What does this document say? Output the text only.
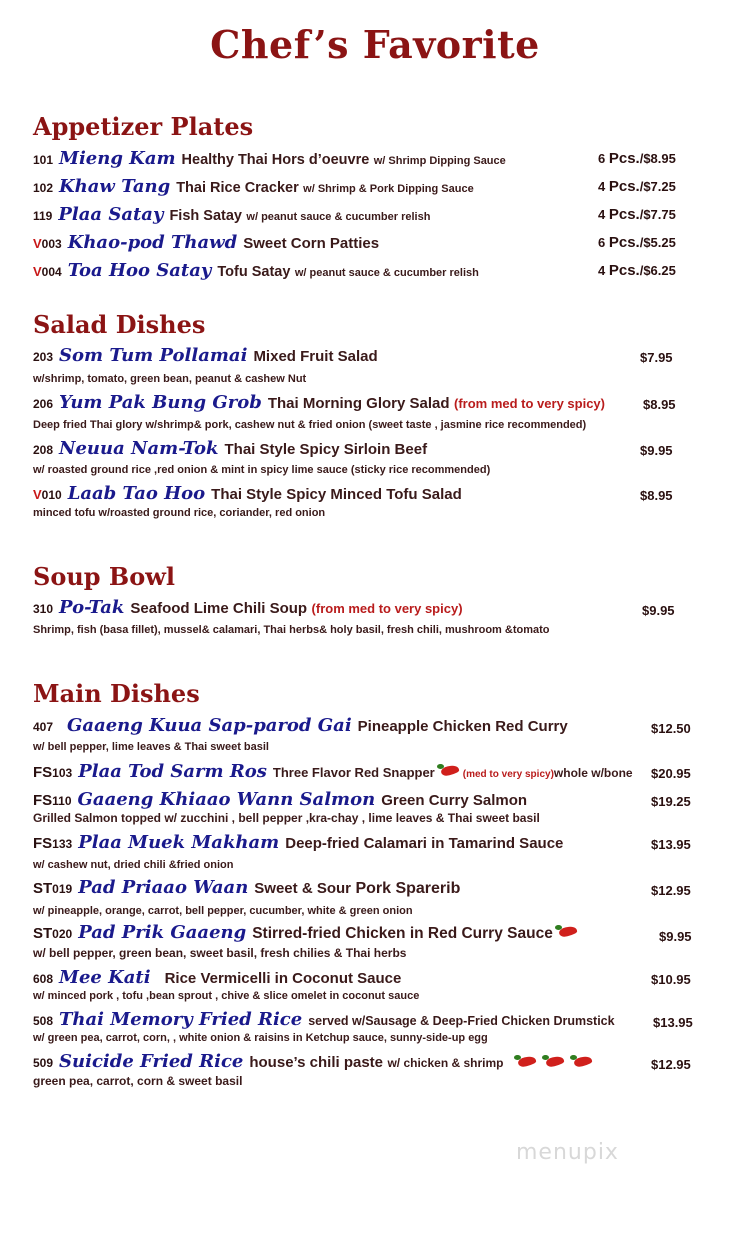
Chef’s Favorite
Appetizer Plates
101 Mieng Kam Healthy Thai Hors d’oeuvre
w/ Shrimp Dipping Sauce	6 Pcs./$8.95
102 Khaw Tang Thai Rice Cracker
w/ Shrimp & Pork Dipping Sauce	4 Pcs./$7.25
119 Plaa Satay Fish Satay
w/ peanut sauce & cucumber relish	4 Pcs./$7.75
V003 Khao-pod Thawd Sweet Corn Patties	6 Pcs./$5.25
V004 Toa Hoo Satay Tofu Satay
w/ peanut sauce & cucumber relish	4 Pcs./$6.25
Salad Dishes
203 Som Tum Pollamai Mixed Fruit Salad	$7.95
w/shrimp, tomato, green bean, peanut & cashew Nut
206 Yum Pak Bung Grob Thai Morning Glory Salad
(from med to very spicy)	$8.95
Deep fried Thai glory w/shrimp& pork, cashew nut & fried onion (sweet taste , jasmine rice recommended)
208 Neuua Nam-Tok Thai Style Spicy Sirloin Beef	$9.95
w/ roasted ground rice ,red onion & mint in spicy lime sauce (sticky rice recommended)
V010 Laab Tao Hoo Thai Style Spicy Minced Tofu Salad	$8.95
minced tofu w/roasted ground rice, coriander, red onion
Soup Bowl
310 Po-Tak Seafood Lime Chili Soup
(from med to very spicy)	$9.95
Shrimp, fish (basa fillet), mussel& calamari, Thai herbs& holy basil, fresh chili, mushroom &tomato
Main Dishes
407 Gaaeng Kuua Sap-parod Gai Pineapple Chicken Red Curry	$12.50
w/ bell pepper, lime leaves & Thai sweet basil
FS103 Plaa Tod Sarm Ros Three Flavor Red Snapper	(med to very spicy) whole w/bone $20.95
FS110 Gaaeng Khiaao Wann Salmon Green Curry Salmon	$19.25
Grilled Salmon topped w/ zucchini , bell pepper ,kra-chay , lime leaves & Thai sweet basil
FS133 Plaa Muek Makham Deep-fried Calamari in Tamarind Sauce	$13.95
w/ cashew nut, dried chili &fried onion
ST019 Pad Priaao Waan Sweet & Sour
Pork Sparerib	$12.95
w/ pineapple, orange, carrot, bell pepper, cucumber, white & green onion
ST020 Pad Prik Gaaeng Stirred-fried Chicken in Red Curry Sauce	$9.95
w/ bell pepper, green bean, sweet basil, fresh chilies & Thai herbs
608 Mee Kati Rice Vermicelli in Coconut Sauce	$10.95
w/ minced pork , tofu ,bean sprout , chive & slice omelet in coconut sauce
508 Thai Memory Fried Rice served w/Sausage & Deep-Fried Chicken Drumstick	$13.95
w/ green pea, carrot, corn, , white onion & raisins in Ketchup sauce, sunny-side-up egg
509 Suicide Fried Rice house’s chili paste
w/ chicken & shrimp	$12.95
green pea, carrot, corn & sweet basil
menupix
